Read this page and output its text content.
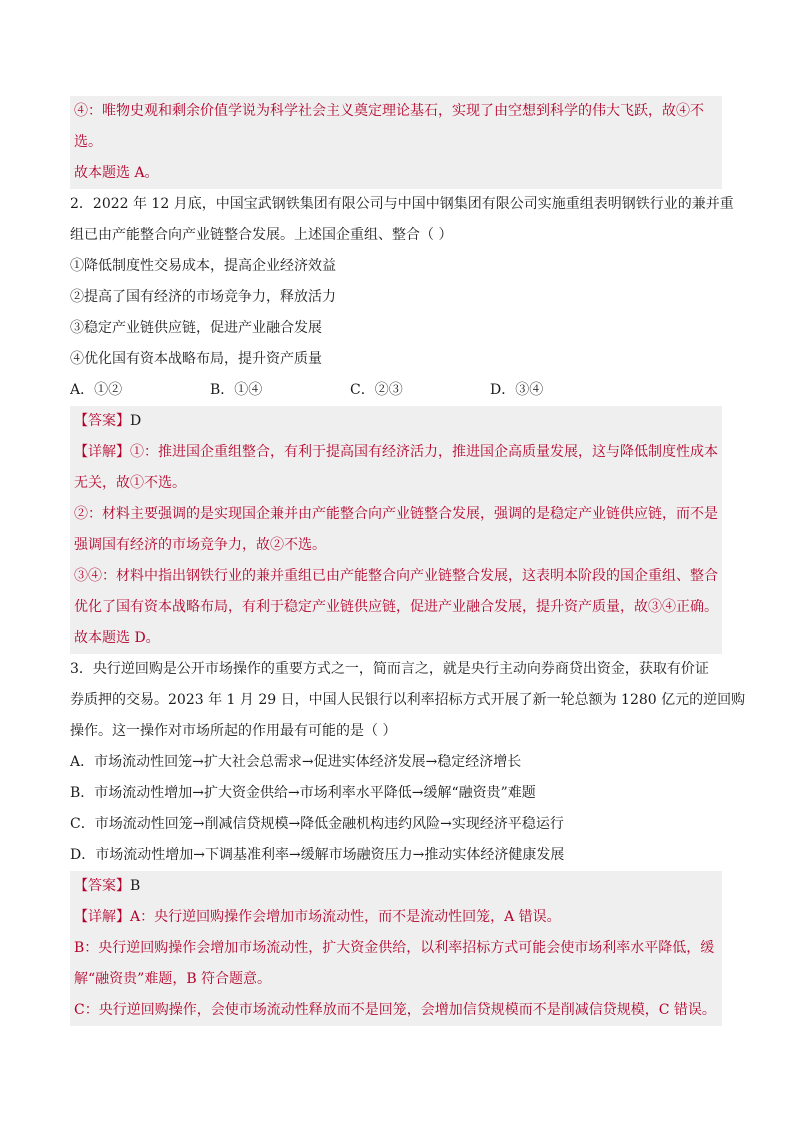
④：唯物史观和剩余价值学说为科学社会主义奠定理论基石，实现了由空想到科学的伟大飞跃，故④不
选。
故本题选 A。
2．2022 年 12 月底，中国宝武钢铁集团有限公司与中国中钢集团有限公司实施重组表明钢铁行业的兼并重
组已由产能整合向产业链整合发展。上述国企重组、整合（ ）
①降低制度性交易成本，提高企业经济效益
②提高了国有经济的市场竞争力，释放活力
③稳定产业链供应链，促进产业融合发展
④优化国有资本战略布局，提升资产质量
A．①②	B．①④	C．②③	D．③④
【答案】D
【详解】①：推进国企重组整合，有利于提高国有经济活力，推进国企高质量发展，这与降低制度性成本
无关，故①不选。
②：材料主要强调的是实现国企兼并由产能整合向产业链整合发展，强调的是稳定产业链供应链，而不是
强调国有经济的市场竞争力，故②不选。
③④：材料中指出钢铁行业的兼并重组已由产能整合向产业链整合发展，这表明本阶段的国企重组、整合
优化了国有资本战略布局，有利于稳定产业链供应链，促进产业融合发展，提升资产质量，故③④正确。
故本题选 D。
3．央行逆回购是公开市场操作的重要方式之一，简而言之，就是央行主动向券商贷出资金，获取有价证
券质押的交易。2023 年 1 月 29 日，中国人民银行以利率招标方式开展了新一轮总额为 1280 亿元的逆回购
操作。这一操作对市场所起的作用最有可能的是（ ）
A．市场流动性回笼→扩大社会总需求→促进实体经济发展→稳定经济增长
B．市场流动性增加→扩大资金供给→市场利率水平降低→缓解“融资贵”难题
C．市场流动性回笼→削减信贷规模→降低金融机构违约风险→实现经济平稳运行
D．市场流动性增加→下调基准利率→缓解市场融资压力→推动实体经济健康发展
【答案】B
【详解】A：央行逆回购操作会增加市场流动性，而不是流动性回笼，A 错误。
B：央行逆回购操作会增加市场流动性，扩大资金供给，以利率招标方式可能会使市场利率水平降低，缓
解“融资贵”难题，B 符合题意。
C：央行逆回购操作，会使市场流动性释放而不是回笼，会增加信贷规模而不是削减信贷规模，C 错误。
